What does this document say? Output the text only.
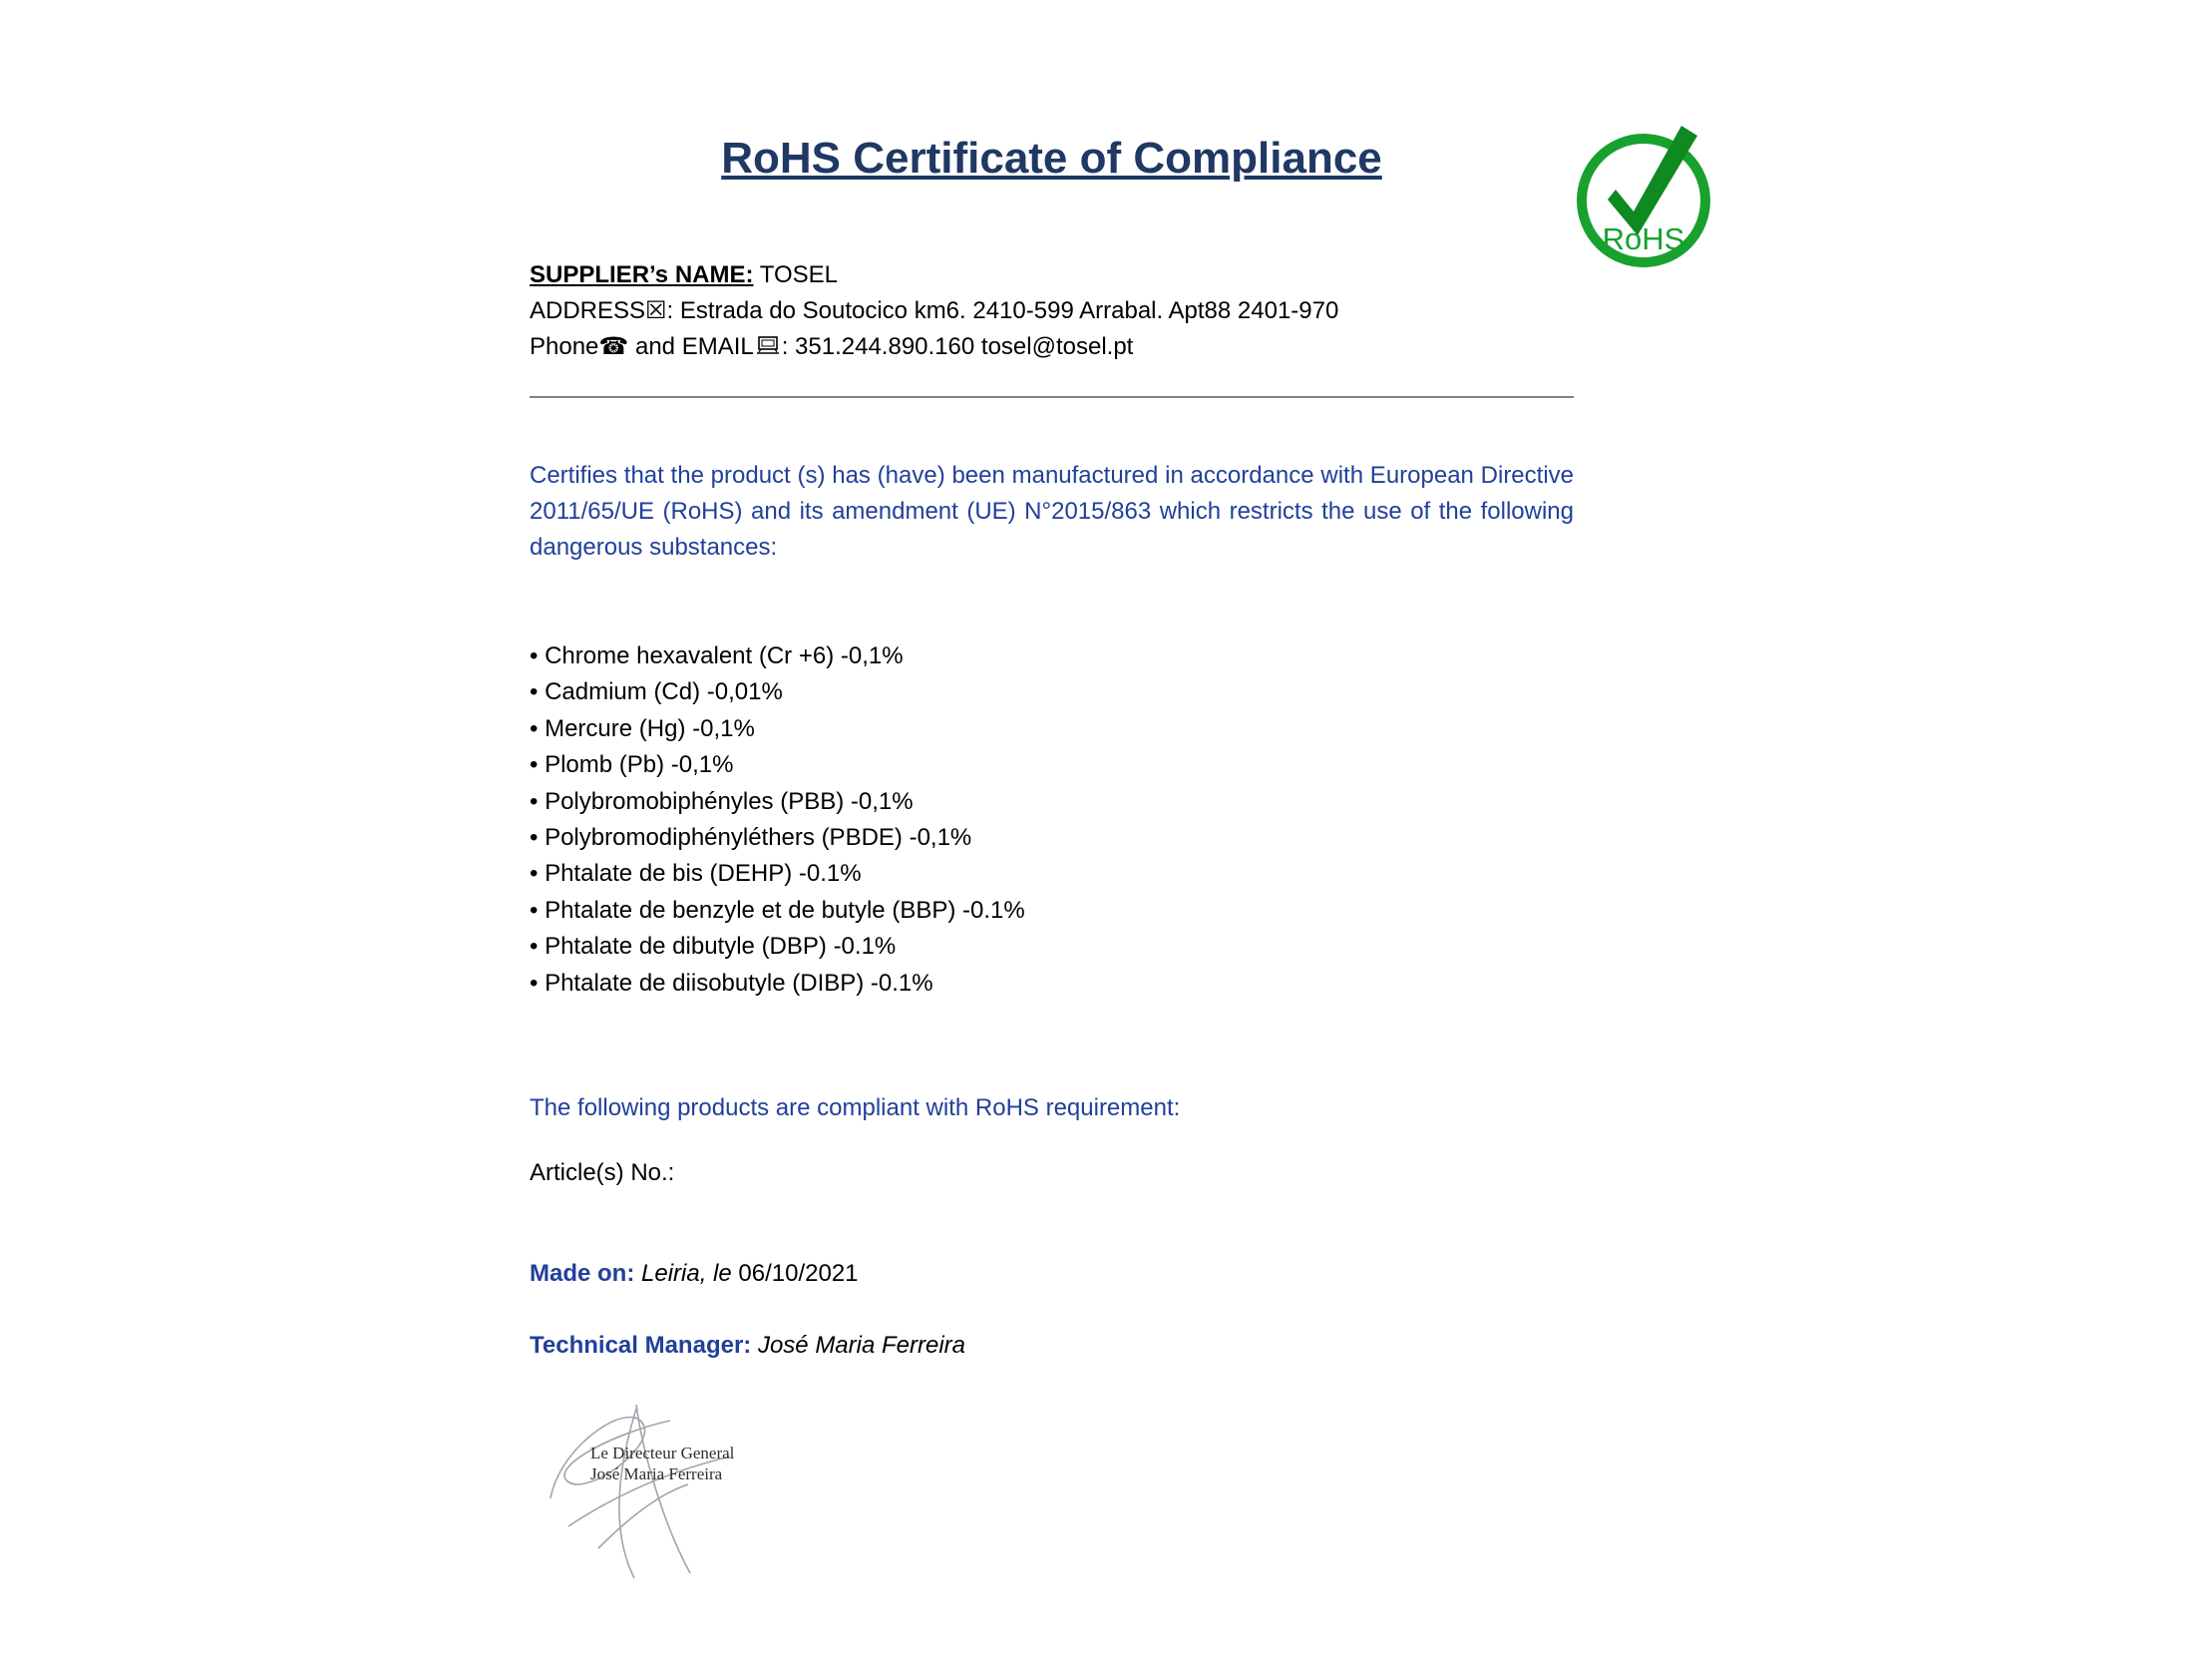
RoHS Certificate of Compliance
RoHS
SUPPLIER’s NAME: TOSEL
ADDRESS☒: Estrada do Soutocico km6. 2410-599 Arrabal. Apt88 2401-970
Phone☎ and EMAIL : 351.244.890.160 tosel@tosel.pt
Certifies that the product (s) has (have) been manufactured in accordance with European Directive 2011/65/UE (RoHS) and its amendment (UE) N°2015/863 which restricts the use of the following dangerous substances:
• Chrome hexavalent (Cr +6) -0,1%
• Cadmium (Cd) -0,01%
• Mercure (Hg) -0,1%
• Plomb (Pb) -0,1%
• Polybromobiphényles (PBB) -0,1%
• Polybromodiphényléthers (PBDE) -0,1%
• Phtalate de bis (DEHP) -0.1%
• Phtalate de benzyle et de butyle (BBP) -0.1%
• Phtalate de dibutyle (DBP) -0.1%
• Phtalate de diisobutyle (DIBP) -0.1%
The following products are compliant with RoHS requirement:
Article(s) No.:
Made on: Leiria, le 06/10/2021
Technical Manager: José Maria Ferreira
Le Directeur General
José Maria Ferreira
